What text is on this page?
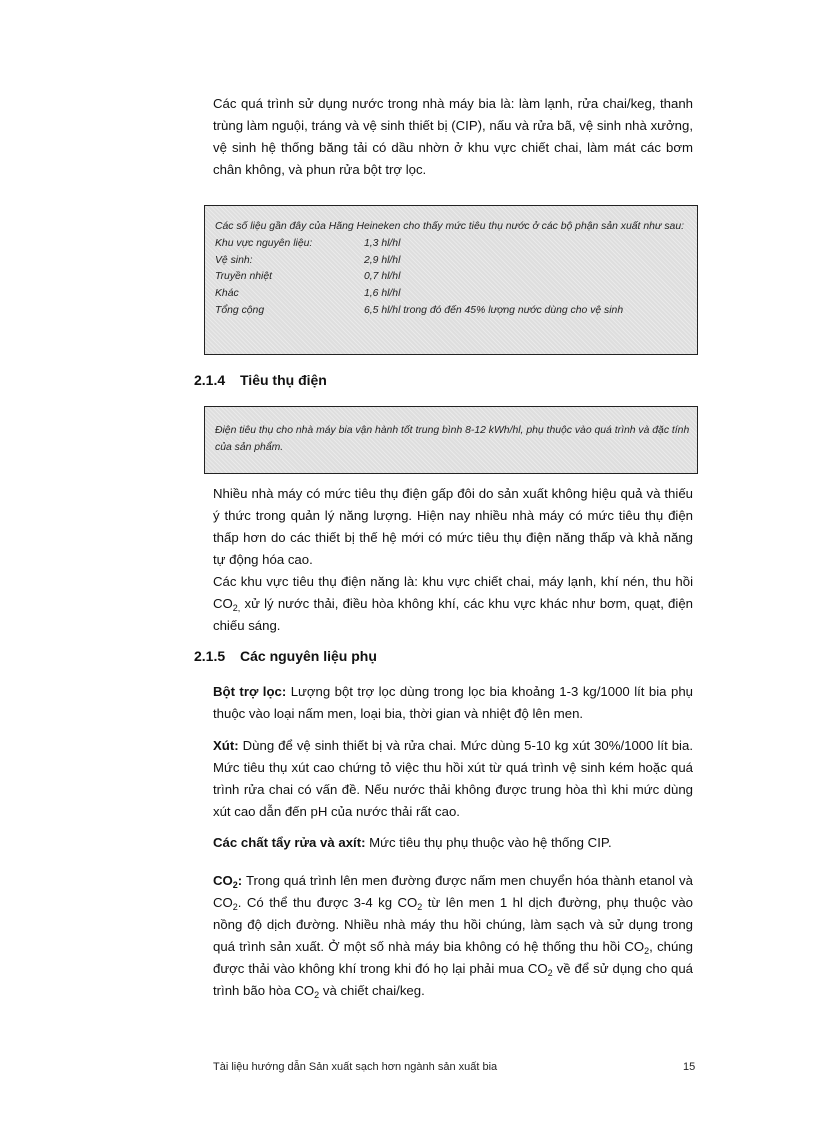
Các quá trình sử dụng nước trong nhà máy bia là: làm lạnh, rửa chai/keg, thanh trùng làm nguội, tráng và vệ sinh thiết bị (CIP), nấu và rửa bã, vệ sinh nhà xưởng, vệ sinh hệ thống băng tải có dầu nhờn ở khu vực chiết chai, làm mát các bơm chân không, và phun rửa bột trợ lọc.

Các số liệu gần đây của Hãng Heineken cho thấy mức tiêu thụ nước ở các bộ phận sản xuất như sau:

Khu vực nguyên liệu:	1,3 hl/hl
Vệ sinh:	2,9 hl/hl
Truyền nhiệt	0,7 hl/hl
Khác	1,6 hl/hl
Tổng cộng	6,5 hl/hl trong đó đến 45% lượng nước dùng cho vệ sinh
2.1.4 Tiêu thụ điện

Điện tiêu thụ cho nhà máy bia vận hành tốt trung bình 8-12 kWh/hl, phụ thuộc vào quá trình và đặc tính của sản phẩm.

Nhiều nhà máy có mức tiêu thụ điện gấp đôi do sản xuất không hiệu quả và thiếu ý thức trong quản lý năng lượng. Hiện nay nhiều nhà máy có mức tiêu thụ điện thấp hơn do các thiết bị thế hệ mới có mức tiêu thụ điện năng thấp và khả năng tự động hóa cao.

Các khu vực tiêu thụ điện năng là: khu vực chiết chai, máy lạnh, khí nén, thu hồi $CO_{2,}$ xử lý nước thải, điều hòa không khí, các khu vực khác như bơm, quạt, điện chiếu sáng.

2.1.5 Các nguyên liệu phụ

Bột trợ lọc: Lượng bột trợ lọc dùng trong lọc bia khoảng 1-3 kg/1000 lít bia phụ thuộc vào loại nấm men, loại bia, thời gian và nhiệt độ lên men.

Xút: Dùng để vệ sinh thiết bị và rửa chai. Mức dùng 5-10 kg xút 30%/1000 lít bia. Mức tiêu thụ xút cao chứng tỏ việc thu hồi xút từ quá trình vệ sinh kém hoặc quá trình rửa chai có vấn đề. Nếu nước thải không được trung hòa thì khi mức dùng xút cao dẫn đến pH của nước thải rất cao.

Các chất tẩy rửa và axít: Mức tiêu thụ phụ thuộc vào hệ thống CIP.

$CO_2$: Trong quá trình lên men đường được nấm men chuyển hóa thành etanol và $CO_2$. Có thể thu được 3-4 kg $CO_2$ từ lên men 1 hl dịch đường, phụ thuộc vào nồng độ dịch đường. Nhiều nhà máy thu hồi chúng, làm sạch và sử dụng trong quá trình sản xuất. Ở một số nhà máy bia không có hệ thống thu hồi $CO_2$, chúng được thải vào không khí trong khi đó họ lại phải mua $CO_2$ về để sử dụng cho quá trình bão hòa $CO_2$ và chiết chai/keg.

Tài liệu hướng dẫn Sản xuất sạch hơn ngành sản xuất bia	15
